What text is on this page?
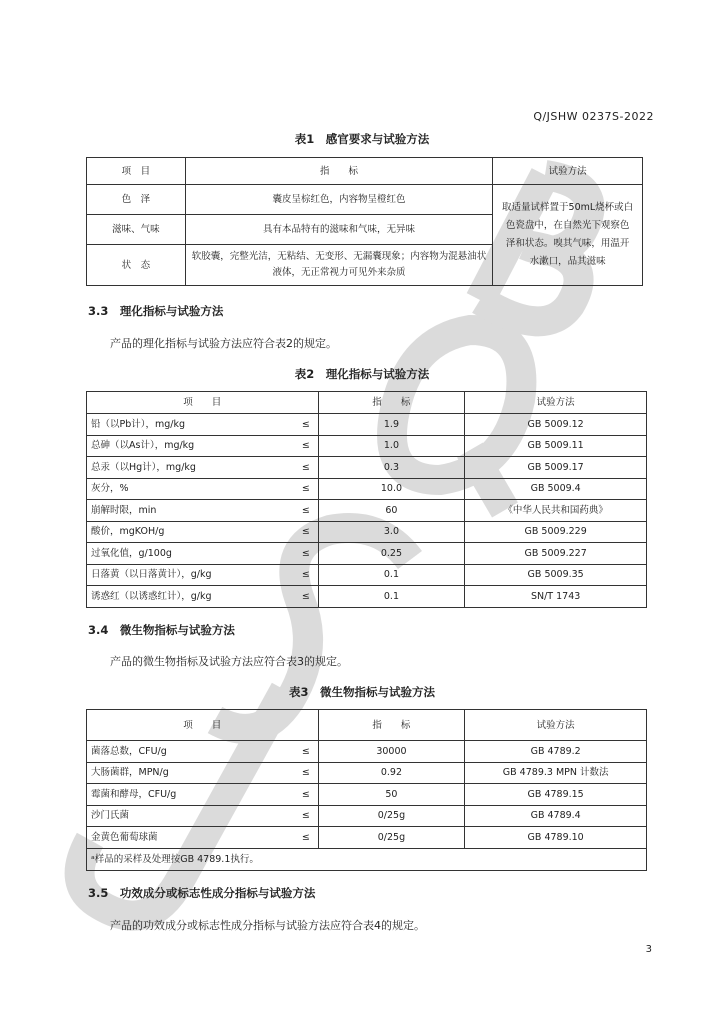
Q/JSHW 0237S-2022
表1　感官要求与试验方法
项　目	指　　标	试验方法
色　泽	囊皮呈棕红色，内容物呈橙红色	取适量试样置于50mL烧杯或白色瓷盘中，在自然光下观察色泽和状态。嗅其气味，用温开水漱口，品其滋味
滋味、气味	具有本品特有的滋味和气味，无异味	
状　态	软胶囊，完整光洁，无粘结、无变形、无漏囊现象；内容物为混悬油状液体，无正常视力可见外来杂质	
3.3　理化指标与试验方法
产品的理化指标与试验方法应符合表2的规定。
表2　理化指标与试验方法
项　　目		指　　标	试验方法
铅（以Pb计），mg/kg	≤	1.9	GB 5009.12
总砷（以As计），mg/kg	≤	1.0	GB 5009.11
总汞（以Hg计），mg/kg	≤	0.3	GB 5009.17
灰分，%	≤	10.0	GB 5009.4
崩解时限，min	≤	60	《中华人民共和国药典》
酸价，mgKOH/g	≤	3.0	GB 5009.229
过氧化值，g/100g	≤	0.25	GB 5009.227
日落黄（以日落黄计），g/kg	≤	0.1	GB 5009.35
诱惑红（以诱惑红计），g/kg	≤	0.1	SN/T 1743
3.4　微生物指标与试验方法
产品的微生物指标及试验方法应符合表3的规定。
表3　微生物指标与试验方法
项　　目		指　　标	试验方法
菌落总数，CFU/g	≤	30000	GB 4789.2
大肠菌群，MPN/g	≤	0.92	GB 4789.3 MPN 计数法
霉菌和酵母，CFU/g	≤	50	GB 4789.15
沙门氏菌	≤	0/25g	GB 4789.4
金黄色葡萄球菌	≤	0/25g	GB 4789.10
ᵃ样品的采样及处理按GB 4789.1执行。			
3.5　功效成分或标志性成分指标与试验方法
产品的功效成分或标志性成分指标与试验方法应符合表4的规定。
3
